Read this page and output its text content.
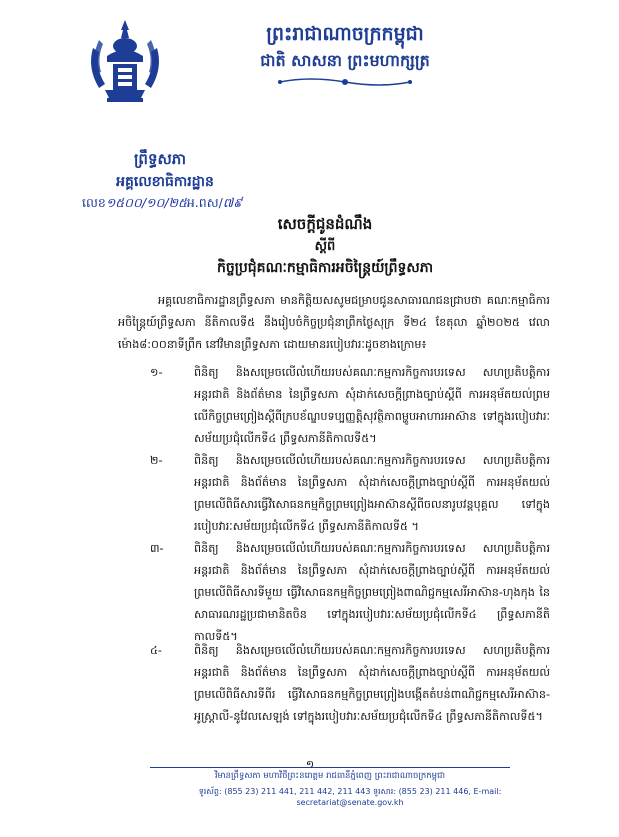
ព្រះរាជាណាចក្រកម្ពុជា
ជាតិ សាសនា ព្រះមហាក្សត្រ
ព្រឹទ្ធសភា
អគ្គលេខាធិការដ្ឋាន
លេខ១៥០០/១០/២៥អ.ពស/៧៩
សេចក្តីជូនដំណឹង
ស្តីពី
កិច្ចប្រជុំគណៈកម្មាធិការអចិន្ត្រៃយ៍ព្រឹទ្ធសភា
អគ្គលេខាធិការដ្ឋានព្រឹទ្ធសភា មានកិត្តិយសសូមជម្រាបជូនសាធារណជនជ្រាបថា គណៈកម្មាធិការអចិន្ត្រៃយ៍ព្រឹទ្ធសភា នីតិកាលទី៥ នឹងរៀបចំកិច្ចប្រជុំនាព្រឹកថ្ងៃសុក្រ ទី២៤ ខែតុលា ឆ្នាំ២០២៥ វេលាម៉ោង៨:០០នាទីព្រឹក នៅវិមានព្រឹទ្ធសភា ដោយមានរបៀបវារៈដូចខាងក្រោម៖
១-	ពិនិត្យ និងសម្រេចលើលំហើយរបស់គណៈកម្មការកិច្ចការបរទេស សហប្រតិបត្តិការអន្តរជាតិ និងព័ត៌មាន នៃព្រឹទ្ធសភា សុំដាក់សេចក្តីព្រាងច្បាប់ស្តីពី ការអនុម័តយល់ព្រមលើកិច្ចព្រមព្រៀងស្តីពីក្របខ័ណ្ឌបទប្បញ្ញត្តិសុវត្ថិភាពម្ហូបអាហារអាស៊ាន ទៅក្នុងរបៀបវារៈសម័យប្រជុំលើកទី៤ ព្រឹទ្ធសភានីតិកាលទី៥។
២-	ពិនិត្យ និងសម្រេចលើលំហើយរបស់គណៈកម្មការកិច្ចការបរទេស សហប្រតិបត្តិការអន្តរជាតិ និងព័ត៌មាន នៃព្រឹទ្ធសភា សុំដាក់សេចក្តីព្រាងច្បាប់ស្តីពី ការអនុម័តយល់ព្រមលើពិធីសារធ្វើវិសោធនកម្មកិច្ចព្រមព្រៀងអាស៊ានស្តីពីចលនារូបវន្តបុគ្គល ទៅក្នុងរបៀបវារៈសម័យប្រជុំលើកទី៤ ព្រឹទ្ធសភានីតិកាលទី៥ ។
៣-	ពិនិត្យ និងសម្រេចលើលំហើយរបស់គណៈកម្មការកិច្ចការបរទេស សហប្រតិបត្តិការអន្តរជាតិ និងព័ត៌មាន នៃព្រឹទ្ធសភា សុំដាក់សេចក្តីព្រាងច្បាប់ស្តីពី ការអនុម័តយល់ព្រមលើពិធីសារទីមួយ ធ្វើវិសោធនកម្មកិច្ចព្រមព្រៀងពាណិជ្ជកម្មសេរីអាស៊ាន-ហុងកុង នៃសាធារណរដ្ឋប្រជាមានិតចិន ទៅក្នុងរបៀបវារៈសម័យប្រជុំលើកទី៤ ព្រឹទ្ធសភានីតិកាលទី៥។
៤-	ពិនិត្យ និងសម្រេចលើលំហើយរបស់គណៈកម្មការកិច្ចការបរទេស សហប្រតិបត្តិការអន្តរជាតិ និងព័ត៌មាន នៃព្រឹទ្ធសភា សុំដាក់សេចក្តីព្រាងច្បាប់ស្តីពី ការអនុម័តយល់ព្រមលើពិធីសារទីពីរ ធ្វើវិសោធនកម្មកិច្ចព្រមព្រៀងបង្កើតតំបន់ពាណិជ្ជកម្មសេរីអាស៊ាន-អូស្ត្រាលី-នូវែលសេឡង់ ទៅក្នុងរបៀបវារៈសម័យប្រជុំលើកទី៤ ព្រឹទ្ធសភានីតិកាលទី៥។
១
វិមានព្រឹទ្ធសភា មហាវិថីព្រះនរោត្តម រាជធានីភ្នំពេញ ព្រះរាជាណាចក្រកម្ពុជា
ទូរស័ព្ទ: (855 23) 211 441, 211 442, 211 443 ទូរសារ: (855 23) 211 446, E-mail: secretariat@senate.gov.kh
